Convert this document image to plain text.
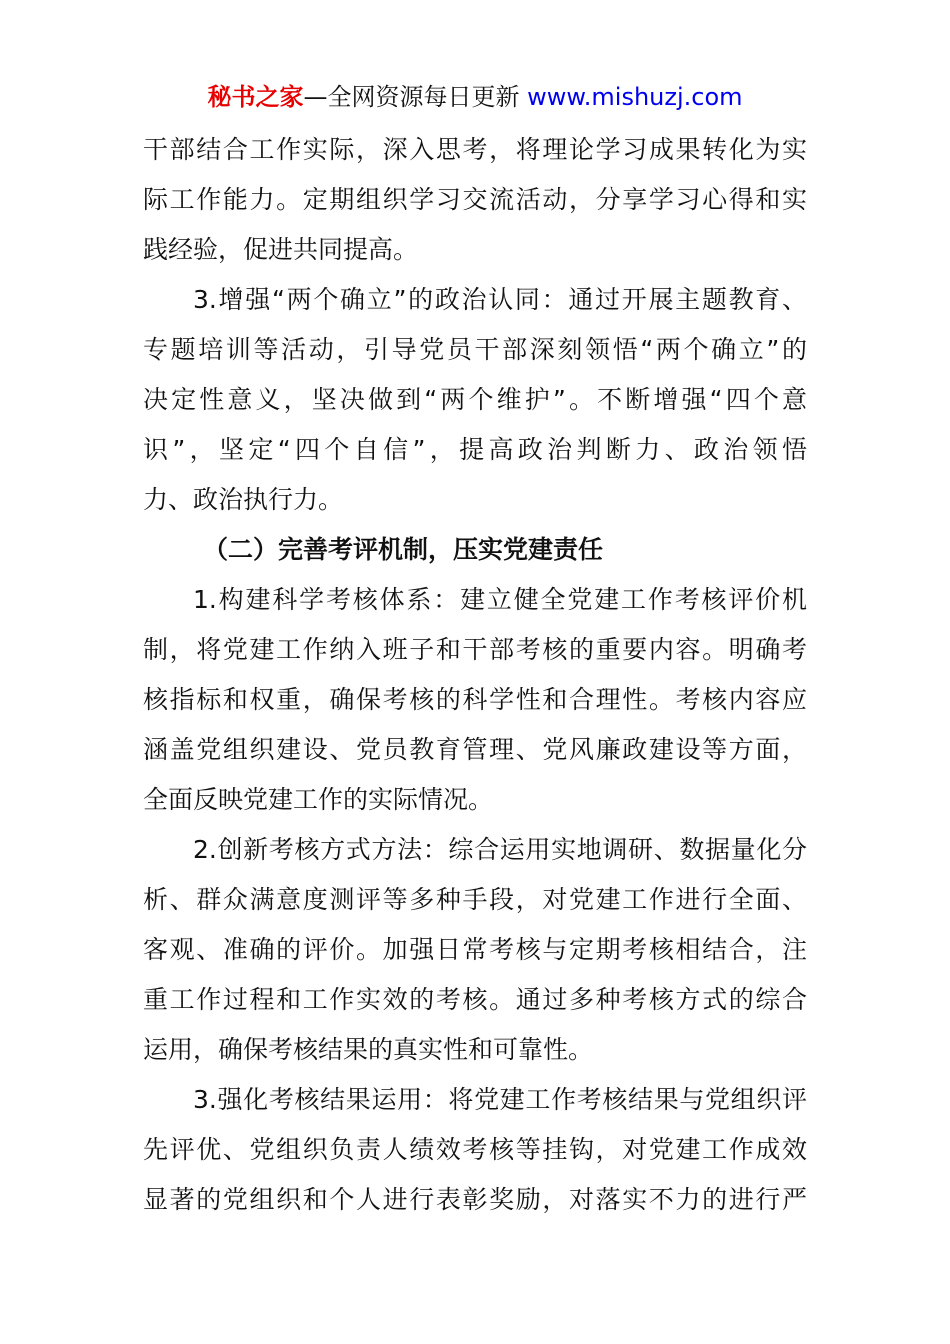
秘书之家—全网资源每日更新 www.mishuzj.com
干部结合工作实际，深入思考，将理论学习成果转化为实
际工作能力。定期组织学习交流活动，分享学习心得和实
践经验，促进共同提高。
3.增强“两个确立”的政治认同：通过开展主题教育、
专题培训等活动，引导党员干部深刻领悟“两个确立”的
决定性意义，坚决做到“两个维护”。不断增强“四个意
识”，坚定“四个自信”，提高政治判断力、政治领悟
力、政治执行力。
（二）完善考评机制，压实党建责任
1.构建科学考核体系：建立健全党建工作考核评价机
制，将党建工作纳入班子和干部考核的重要内容。明确考
核指标和权重，确保考核的科学性和合理性。考核内容应
涵盖党组织建设、党员教育管理、党风廉政建设等方面，
全面反映党建工作的实际情况。
2.创新考核方式方法：综合运用实地调研、数据量化分
析、群众满意度测评等多种手段，对党建工作进行全面、
客观、准确的评价。加强日常考核与定期考核相结合，注
重工作过程和工作实效的考核。通过多种考核方式的综合
运用，确保考核结果的真实性和可靠性。
3.强化考核结果运用：将党建工作考核结果与党组织评
先评优、党组织负责人绩效考核等挂钩，对党建工作成效
显著的党组织和个人进行表彰奖励，对落实不力的进行严
